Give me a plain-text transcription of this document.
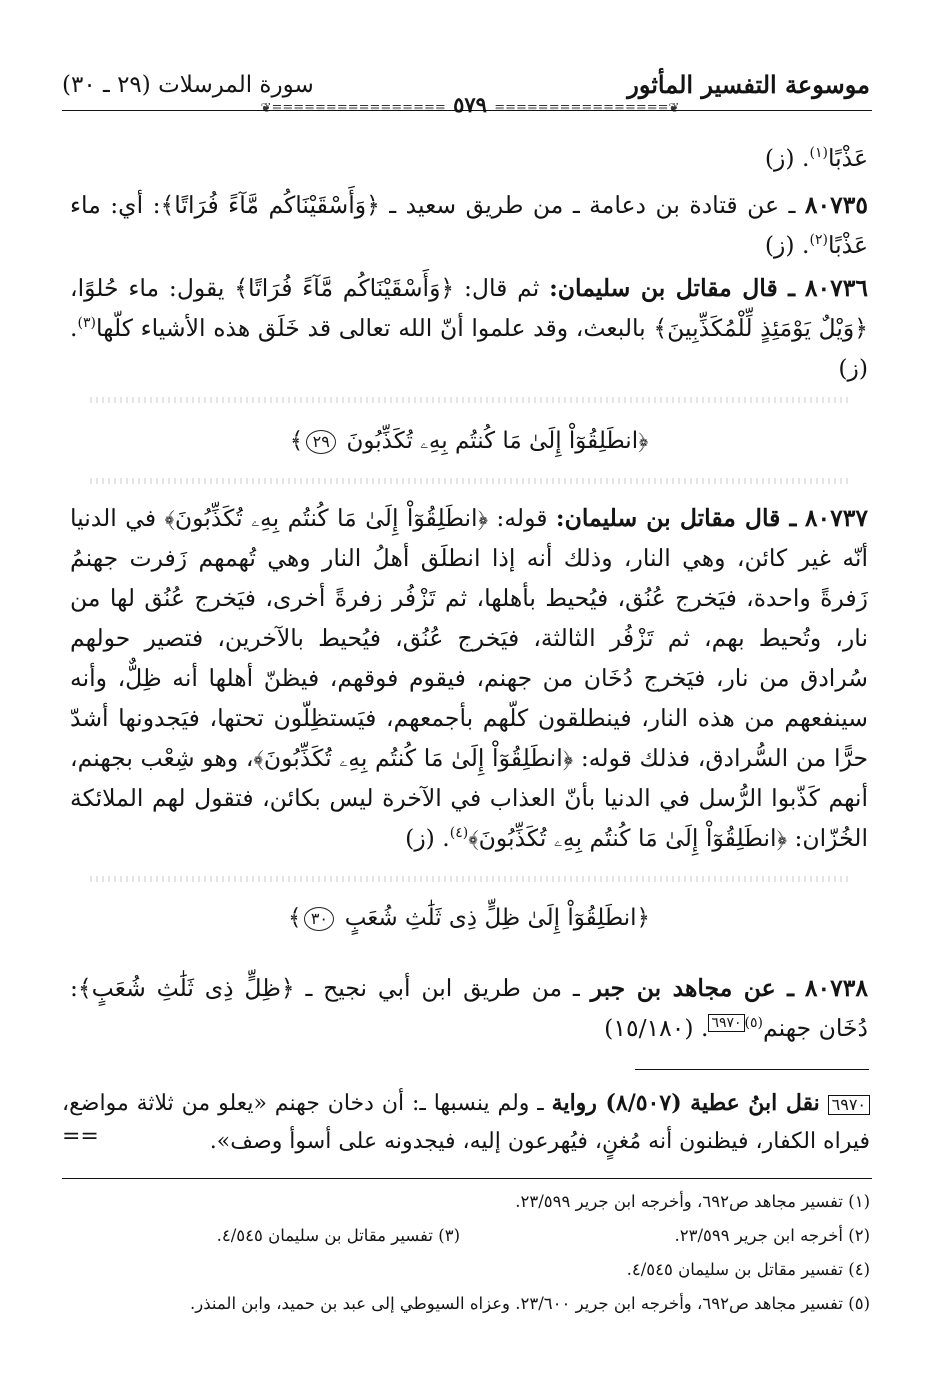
سورة المرسلات (٢٩ ـ ٣٠)	موسوعة التفسير المأثور
❦≡≡≡≡≡≡≡≡≡≡≡≡≡≡≡≡ ٥٧٩ ≡≡≡≡≡≡≡≡≡≡≡≡≡≡≡≡❦
عَذْبًا$^{(١)}$. (ز)
٨٠٧٣٥ ـ عن قتادة بن دعامة ـ من طريق سعيد ـ ﴿وَأَسْقَيْنَاكُم مَّآءً فُرَاتًا﴾: أي: ماء عَذْبًا$^{(٢)}$. (ز)
٨٠٧٣٦ ـ قال مقاتل بن سليمان: ثم قال: ﴿وَأَسْقَيْنَاكُم مَّآءً فُرَاتًا﴾ يقول: ماء حُلوًا، ﴿وَيْلٌ يَوْمَئِذٍ لِّلْمُكَذِّبِينَ﴾ بالبعث، وقد علموا أنّ الله تعالى قد خَلَق هذه الأشياء كلّها$^{(٣)}$. (ز)
﴿انطَلِقُوٓاْ إِلَىٰ مَا كُنتُم بِهِۦ تُكَذِّبُونَ ٢٩﴾
٨٠٧٣٧ ـ قال مقاتل بن سليمان: قوله: ﴿انطَلِقُوٓاْ إِلَىٰ مَا كُنتُم بِهِۦ تُكَذِّبُونَ﴾ في الدنيا أنّه غير كائن، وهي النار، وذلك أنه إذا انطلَق أهلُ النار وهي تُهمهم زَفرت جهنمُ زَفرةً واحدة، فيَخرج عُنُق، فيُحيط بأهلها، ثم تَزْفُر زفرةً أخرى، فيَخرج عُنُق لها من نار، وتُحيط بهم، ثم تَزْفُر الثالثة، فيَخرج عُنُق، فيُحيط بالآخرين، فتصير حولهم سُرادق من نار، فيَخرج دُخَان من جهنم، فيقوم فوقهم، فيظنّ أهلها أنه ظِلٌّ، وأنه سينفعهم من هذه النار، فينطلقون كلّهم بأجمعهم، فيَستظِلّون تحتها، فيَجدونها أشدّ حرًّا من السُّرادق، فذلك قوله: ﴿انطَلِقُوٓاْ إِلَىٰ مَا كُنتُم بِهِۦ تُكَذِّبُونَ﴾، وهو شِعْب بجهنم، أنهم كَذّبوا الرُّسل في الدنيا بأنّ العذاب في الآخرة ليس بكائن، فتقول لهم الملائكة الخُزّان: ﴿انطَلِقُوٓاْ إِلَىٰ مَا كُنتُم بِهِۦ تُكَذِّبُونَ﴾$^{(٤)}$. (ز)
﴿انطَلِقُوٓاْ إِلَىٰ ظِلٍّ ذِى ثَلَٰثِ شُعَبٍ ٣٠﴾
٨٠٧٣٨ ـ عن مجاهد بن جبر ـ من طريق ابن أبي نجيح ـ ﴿ظِلٍّ ذِى ثَلَٰثِ شُعَبٍ﴾: دُخَان جهنم$^{(٥)}$٦٩٧٠. (١٥/١٨٠)
٦٩٧٠ نقل ابنُ عطية (٨/٥٠٧) رواية ـ ولم ينسبها ـ: أن دخان جهنم «يعلو من ثلاثة مواضع، فيراه الكفار، فيظنون أنه مُغنٍ، فيُهرعون إليه، فيجدونه على أسوأ وصف».
==
(١) تفسير مجاهد ص٦٩٢، وأخرجه ابن جرير ٢٣/٥٩٩.
(٢) أخرجه ابن جرير ٢٣/٥٩٩.
(٣) تفسير مقاتل بن سليمان ٤/٥٤٥.
(٤) تفسير مقاتل بن سليمان ٤/٥٤٥.
(٥) تفسير مجاهد ص٦٩٢، وأخرجه ابن جرير ٢٣/٦٠٠. وعزاه السيوطي إلى عبد بن حميد، وابن المنذر.
